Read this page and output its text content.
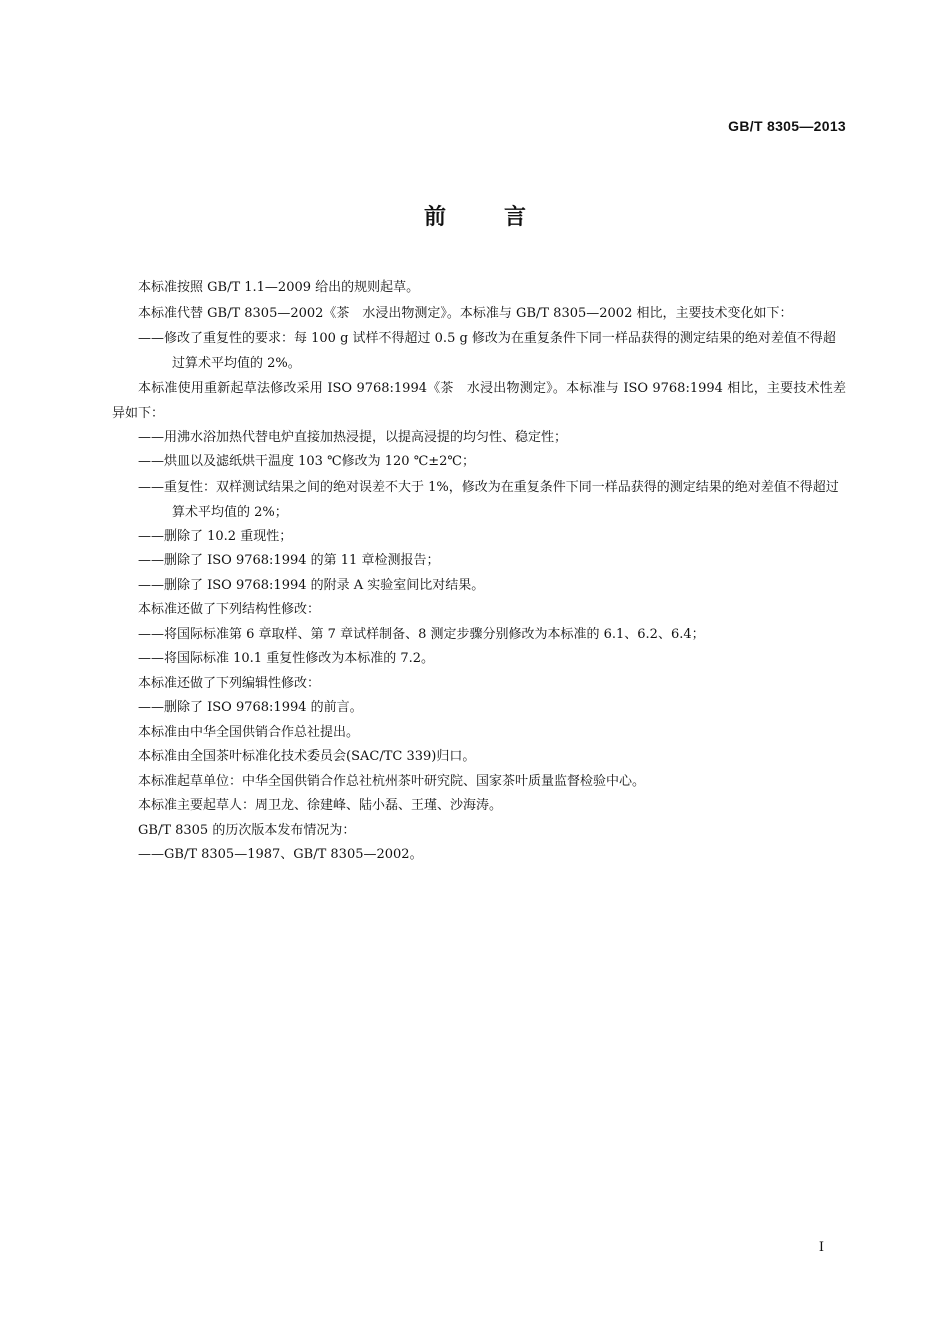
GB/T 8305—2013
前言

本标准按照 GB/T 1.1—2009 给出的规则起草。

本标准代替 GB/T 8305—2002《茶　水浸出物测定》。本标准与 GB/T 8305—2002 相比，主要技术变化如下：

——修改了重复性的要求：每 100 g 试样不得超过 0.5 g 修改为在重复条件下同一样品获得的测定结果的绝对差值不得超过算术平均值的 2%。

本标准使用重新起草法修改采用 ISO 9768:1994《茶　水浸出物测定》。本标准与 ISO 9768:1994 相比，主要技术性差异如下：

——用沸水浴加热代替电炉直接加热浸提，以提高浸提的均匀性、稳定性；

——烘皿以及滤纸烘干温度 103 ℃修改为 120 ℃±2℃；

——重复性：双样测试结果之间的绝对误差不大于 1%，修改为在重复条件下同一样品获得的测定结果的绝对差值不得超过算术平均值的 2%；

——删除了 10.2 重现性；

——删除了 ISO 9768:1994 的第 11 章检测报告；

——删除了 ISO 9768:1994 的附录 A 实验室间比对结果。

本标准还做了下列结构性修改：

——将国际标准第 6 章取样、第 7 章试样制备、8 测定步骤分别修改为本标准的 6.1、6.2、6.4；

——将国际标准 10.1 重复性修改为本标准的 7.2。

本标准还做了下列编辑性修改：

——删除了 ISO 9768:1994 的前言。

本标准由中华全国供销合作总社提出。

本标准由全国茶叶标准化技术委员会(SAC/TC 339)归口。

本标准起草单位：中华全国供销合作总社杭州茶叶研究院、国家茶叶质量监督检验中心。

本标准主要起草人：周卫龙、徐建峰、陆小磊、王瑾、沙海涛。

GB/T 8305 的历次版本发布情况为：

——GB/T 8305—1987、GB/T 8305—2002。

I
